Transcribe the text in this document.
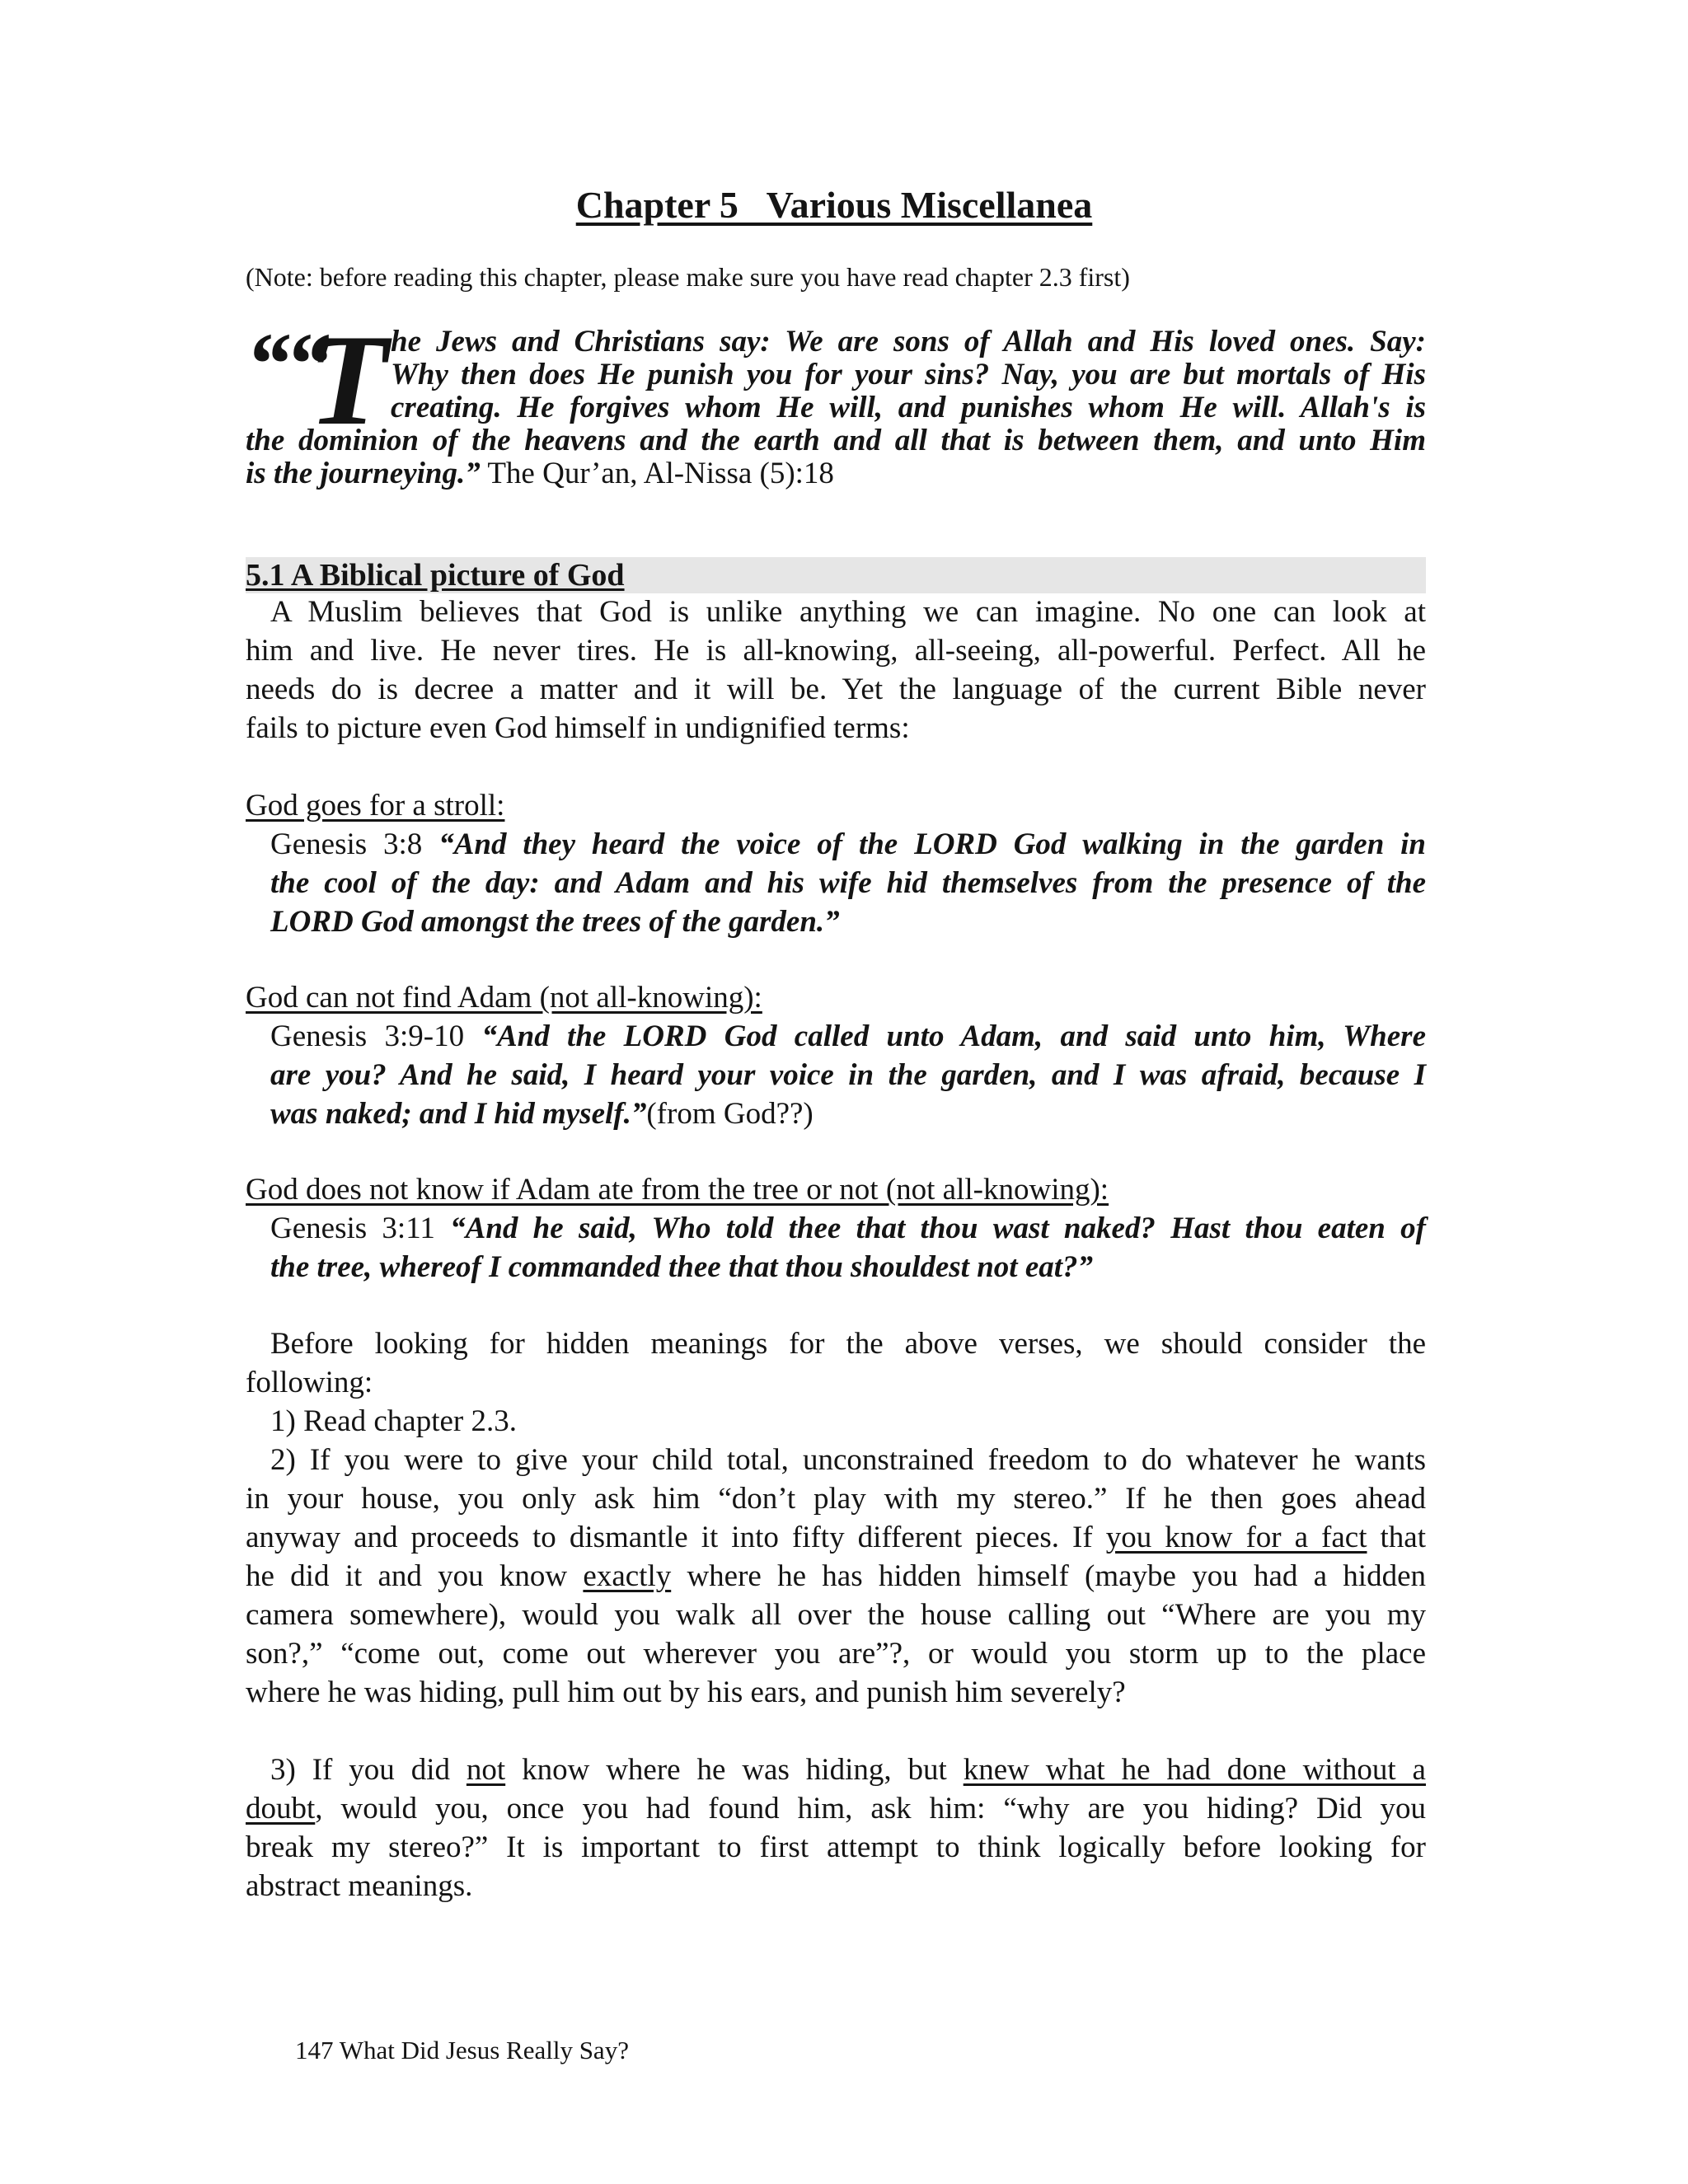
Chapter 5   Various Miscellanea
(Note: before reading this chapter, please make sure you have read chapter 2.3 first)
““
T he Jews and Christians say: We are sons of Allah and His loved ones. Say:
Why then does He punish you for your sins? Nay, you are but mortals of His
creating. He forgives whom He will, and punishes whom He will. Allah's is
the dominion of the heavens and the earth and all that is between them, and unto Him
is the journeying.” The Qur’an, Al-Nissa (5):18
5.1 A Biblical picture of God
A Muslim believes that God is unlike anything we can imagine. No one can look at
him and live. He never tires. He is all-knowing, all-seeing, all-powerful. Perfect. All he
needs do is decree a matter and it will be. Yet the language of the current Bible never
fails to picture even God himself in undignified terms:
God goes for a stroll:
Genesis 3:8 “And they heard the voice of the LORD God walking in the garden in
the cool of the day: and Adam and his wife hid themselves from the presence of the
LORD God amongst the trees of the garden.”
God can not find Adam (not all-knowing):
Genesis 3:9-10 “And the LORD God called unto Adam, and said unto him, Where
are you? And he said, I heard your voice in the garden, and I was afraid, because I
was naked; and I hid myself.”(from God??)
God does not know if Adam ate from the tree or not (not all-knowing):
Genesis 3:11 “And he said, Who told thee that thou wast naked? Hast thou eaten of
the tree, whereof I commanded thee that thou shouldest not eat?”
Before looking for hidden meanings for the above verses, we should consider the
following:
1) Read chapter 2.3.
2) If you were to give your child total, unconstrained freedom to do whatever he wants
in your house, you only ask him “don’t play with my stereo.” If he then goes ahead
anyway and proceeds to dismantle it into fifty different pieces. If you know for a fact that
he did it and you know exactly where he has hidden himself (maybe you had a hidden
camera somewhere), would you walk all over the house calling out “Where are you my
son?,” “come out, come out wherever you are”?, or would you storm up to the place
where he was hiding, pull him out by his ears, and punish him severely?
3) If you did not know where he was hiding, but knew what he had done without a
doubt, would you, once you had found him, ask him: “why are you hiding? Did you
break my stereo?” It is important to first attempt to think logically before looking for
abstract meanings.
147 What Did Jesus Really Say?
